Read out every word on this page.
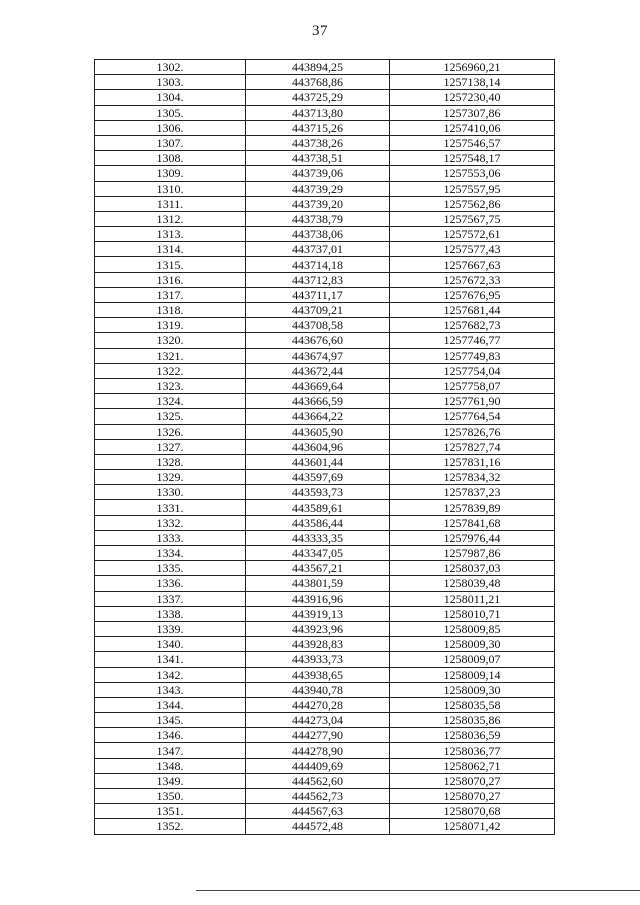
37
1302.	443894,25	1256960,21
1303.	443768,86	1257138,14
1304.	443725,29	1257230,40
1305.	443713,80	1257307,86
1306.	443715,26	1257410,06
1307.	443738,26	1257546,57
1308.	443738,51	1257548,17
1309.	443739,06	1257553,06
1310.	443739,29	1257557,95
1311.	443739,20	1257562,86
1312.	443738,79	1257567,75
1313.	443738,06	1257572,61
1314.	443737,01	1257577,43
1315.	443714,18	1257667,63
1316.	443712,83	1257672,33
1317.	443711,17	1257676,95
1318.	443709,21	1257681,44
1319.	443708,58	1257682,73
1320.	443676,60	1257746,77
1321.	443674,97	1257749,83
1322.	443672,44	1257754,04
1323.	443669,64	1257758,07
1324.	443666,59	1257761,90
1325.	443664,22	1257764,54
1326.	443605,90	1257826,76
1327.	443604,96	1257827,74
1328.	443601,44	1257831,16
1329.	443597,69	1257834,32
1330.	443593,73	1257837,23
1331.	443589,61	1257839,89
1332.	443586,44	1257841,68
1333.	443333,35	1257976,44
1334.	443347,05	1257987,86
1335.	443567,21	1258037,03
1336.	443801,59	1258039,48
1337.	443916,96	1258011,21
1338.	443919,13	1258010,71
1339.	443923,96	1258009,85
1340.	443928,83	1258009,30
1341.	443933,73	1258009,07
1342.	443938,65	1258009,14
1343.	443940,78	1258009,30
1344.	444270,28	1258035,58
1345.	444273,04	1258035,86
1346.	444277,90	1258036,59
1347.	444278,90	1258036,77
1348.	444409,69	1258062,71
1349.	444562,60	1258070,27
1350.	444562,73	1258070,27
1351.	444567,63	1258070,68
1352.	444572,48	1258071,42
